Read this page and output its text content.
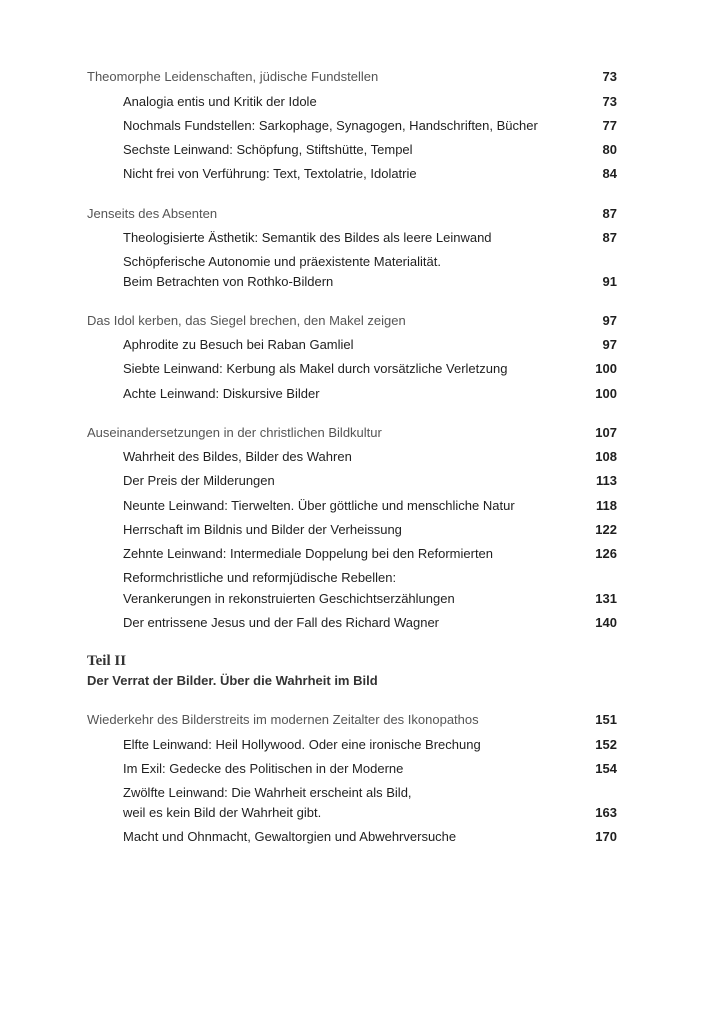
Theomorphe Leidenschaften, jüdische Fundstellen	73
Analogia entis und Kritik der Idole	73
Nochmals Fundstellen: Sarkophage, Synagogen, Handschriften, Bücher	77
Sechste Leinwand: Schöpfung, Stiftshütte, Tempel	80
Nicht frei von Verführung: Text, Textolatrie, Idolatrie	84
Jenseits des Absenten	87
Theologisierte Ästhetik: Semantik des Bildes als leere Leinwand	87
Schöpferische Autonomie und präexistente Materialität.
Beim Betrachten von Rothko-Bildern	91
Das Idol kerben, das Siegel brechen, den Makel zeigen	97
Aphrodite zu Besuch bei Raban Gamliel	97
Siebte Leinwand: Kerbung als Makel durch vorsätzliche Verletzung	100
Achte Leinwand: Diskursive Bilder	100
Auseinandersetzungen in der christlichen Bildkultur	107
Wahrheit des Bildes, Bilder des Wahren	108
Der Preis der Milderungen	113
Neunte Leinwand: Tierwelten. Über göttliche und menschliche Natur	118
Herrschaft im Bildnis und Bilder der Verheissung	122
Zehnte Leinwand: Intermediale Doppelung bei den Reformierten	126
Reformchristliche und reformjüdische Rebellen:
Verankerungen in rekonstruierten Geschichtserzählungen	131
Der entrissene Jesus und der Fall des Richard Wagner	140
Teil II
Der Verrat der Bilder. Über die Wahrheit im Bild
Wiederkehr des Bilderstreits im modernen Zeitalter des Ikonopathos	151
Elfte Leinwand: Heil Hollywood. Oder eine ironische Brechung	152
Im Exil: Gedecke des Politischen in der Moderne	154
Zwölfte Leinwand: Die Wahrheit erscheint als Bild,
weil es kein Bild der Wahrheit gibt.	163
Macht und Ohnmacht, Gewaltorgien und Abwehrversuche	170
